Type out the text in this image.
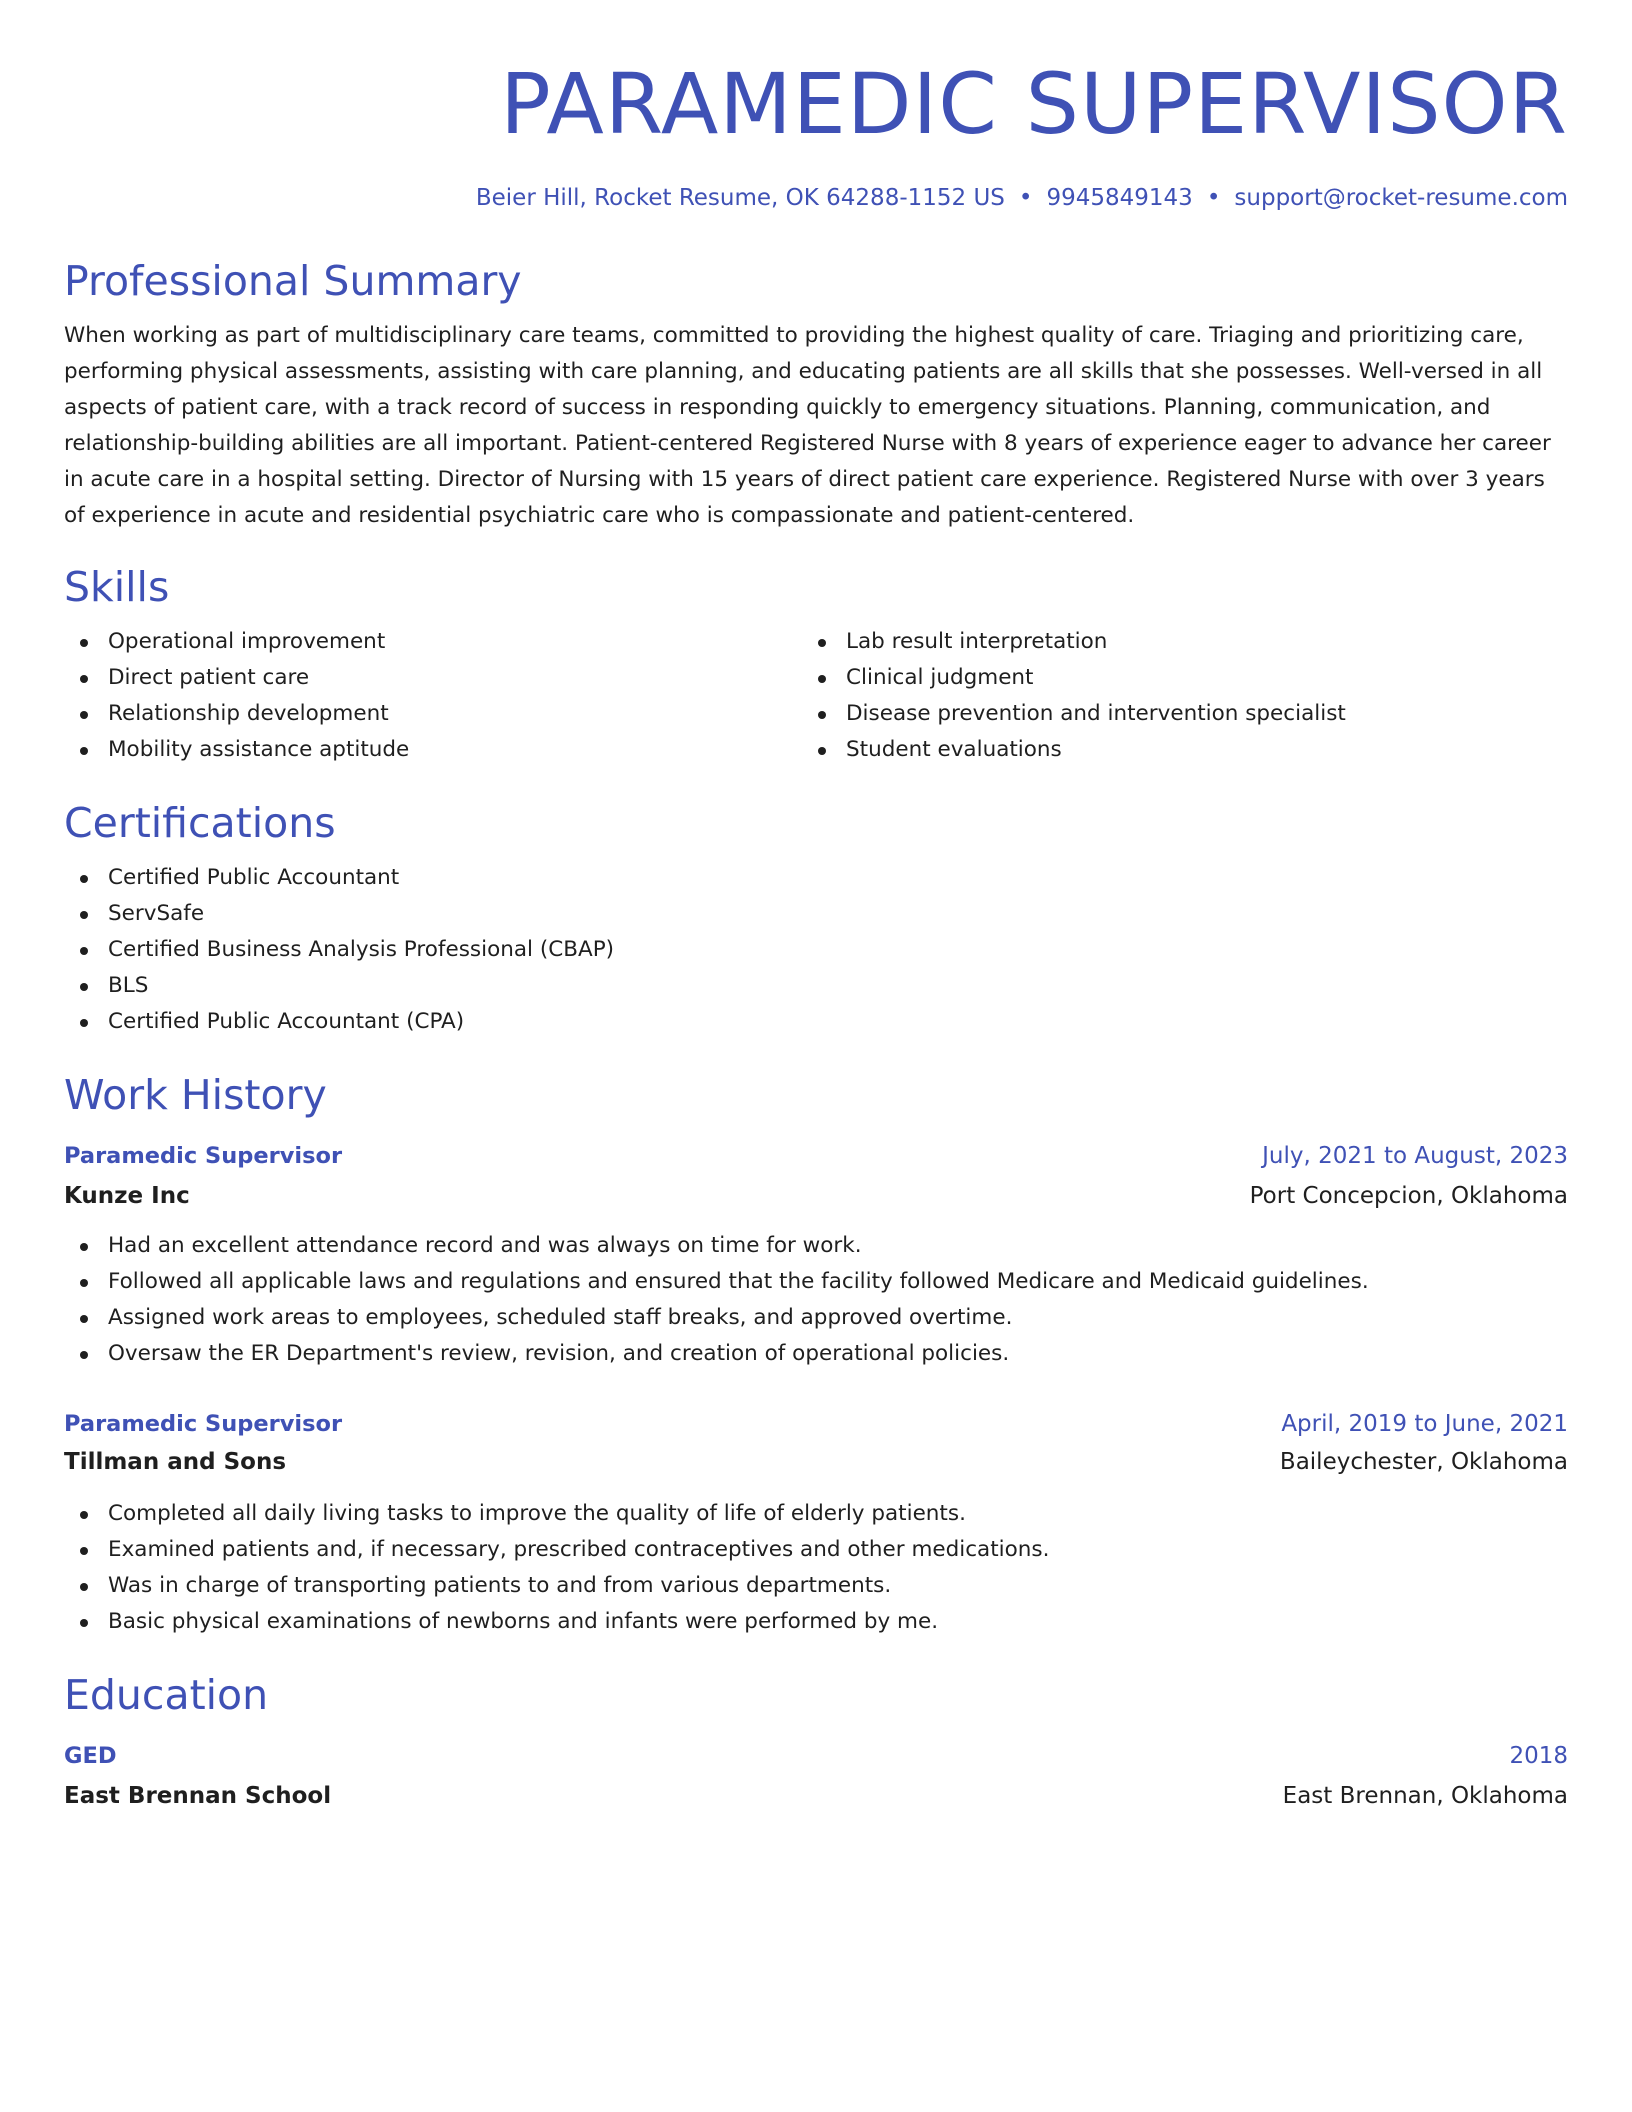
PARAMEDIC SUPERVISOR
Beier Hill, Rocket Resume, OK 64288-1152 US • 9945849143 • support@rocket-resume.com
Professional Summary

When working as part of multidisciplinary care teams, committed to providing the highest quality of care. Triaging and prioritizing care, performing physical assessments, assisting with care planning, and educating patients are all skills that she possesses. Well-versed in all aspects of patient care, with a track record of success in responding quickly to emergency situations. Planning, communication, and relationship-building abilities are all important. Patient-centered Registered Nurse with 8 years of experience eager to advance her career in acute care in a hospital setting. Director of Nursing with 15 years of direct patient care experience. Registered Nurse with over 3 years of experience in acute and residential psychiatric care who is compassionate and patient-centered.

Skills
Operational improvement
Direct patient care
Relationship development
Mobility assistance aptitude
Lab result interpretation
Clinical judgment
Disease prevention and intervention specialist
Student evaluations
Certifications
Certified Public Accountant
ServSafe
Certified Business Analysis Professional (CBAP)
BLS
Certified Public Accountant (CPA)
Work History
Paramedic Supervisor	July, 2021 to August, 2023
Kunze Inc	Port Concepcion, Oklahoma
Had an excellent attendance record and was always on time for work.
Followed all applicable laws and regulations and ensured that the facility followed Medicare and Medicaid guidelines.
Assigned work areas to employees, scheduled staff breaks, and approved overtime.
Oversaw the ER Department's review, revision, and creation of operational policies.
Paramedic Supervisor	April, 2019 to June, 2021
Tillman and Sons	Baileychester, Oklahoma
Completed all daily living tasks to improve the quality of life of elderly patients.
Examined patients and, if necessary, prescribed contraceptives and other medications.
Was in charge of transporting patients to and from various departments.
Basic physical examinations of newborns and infants were performed by me.
Education
GED	2018
East Brennan School	East Brennan, Oklahoma
